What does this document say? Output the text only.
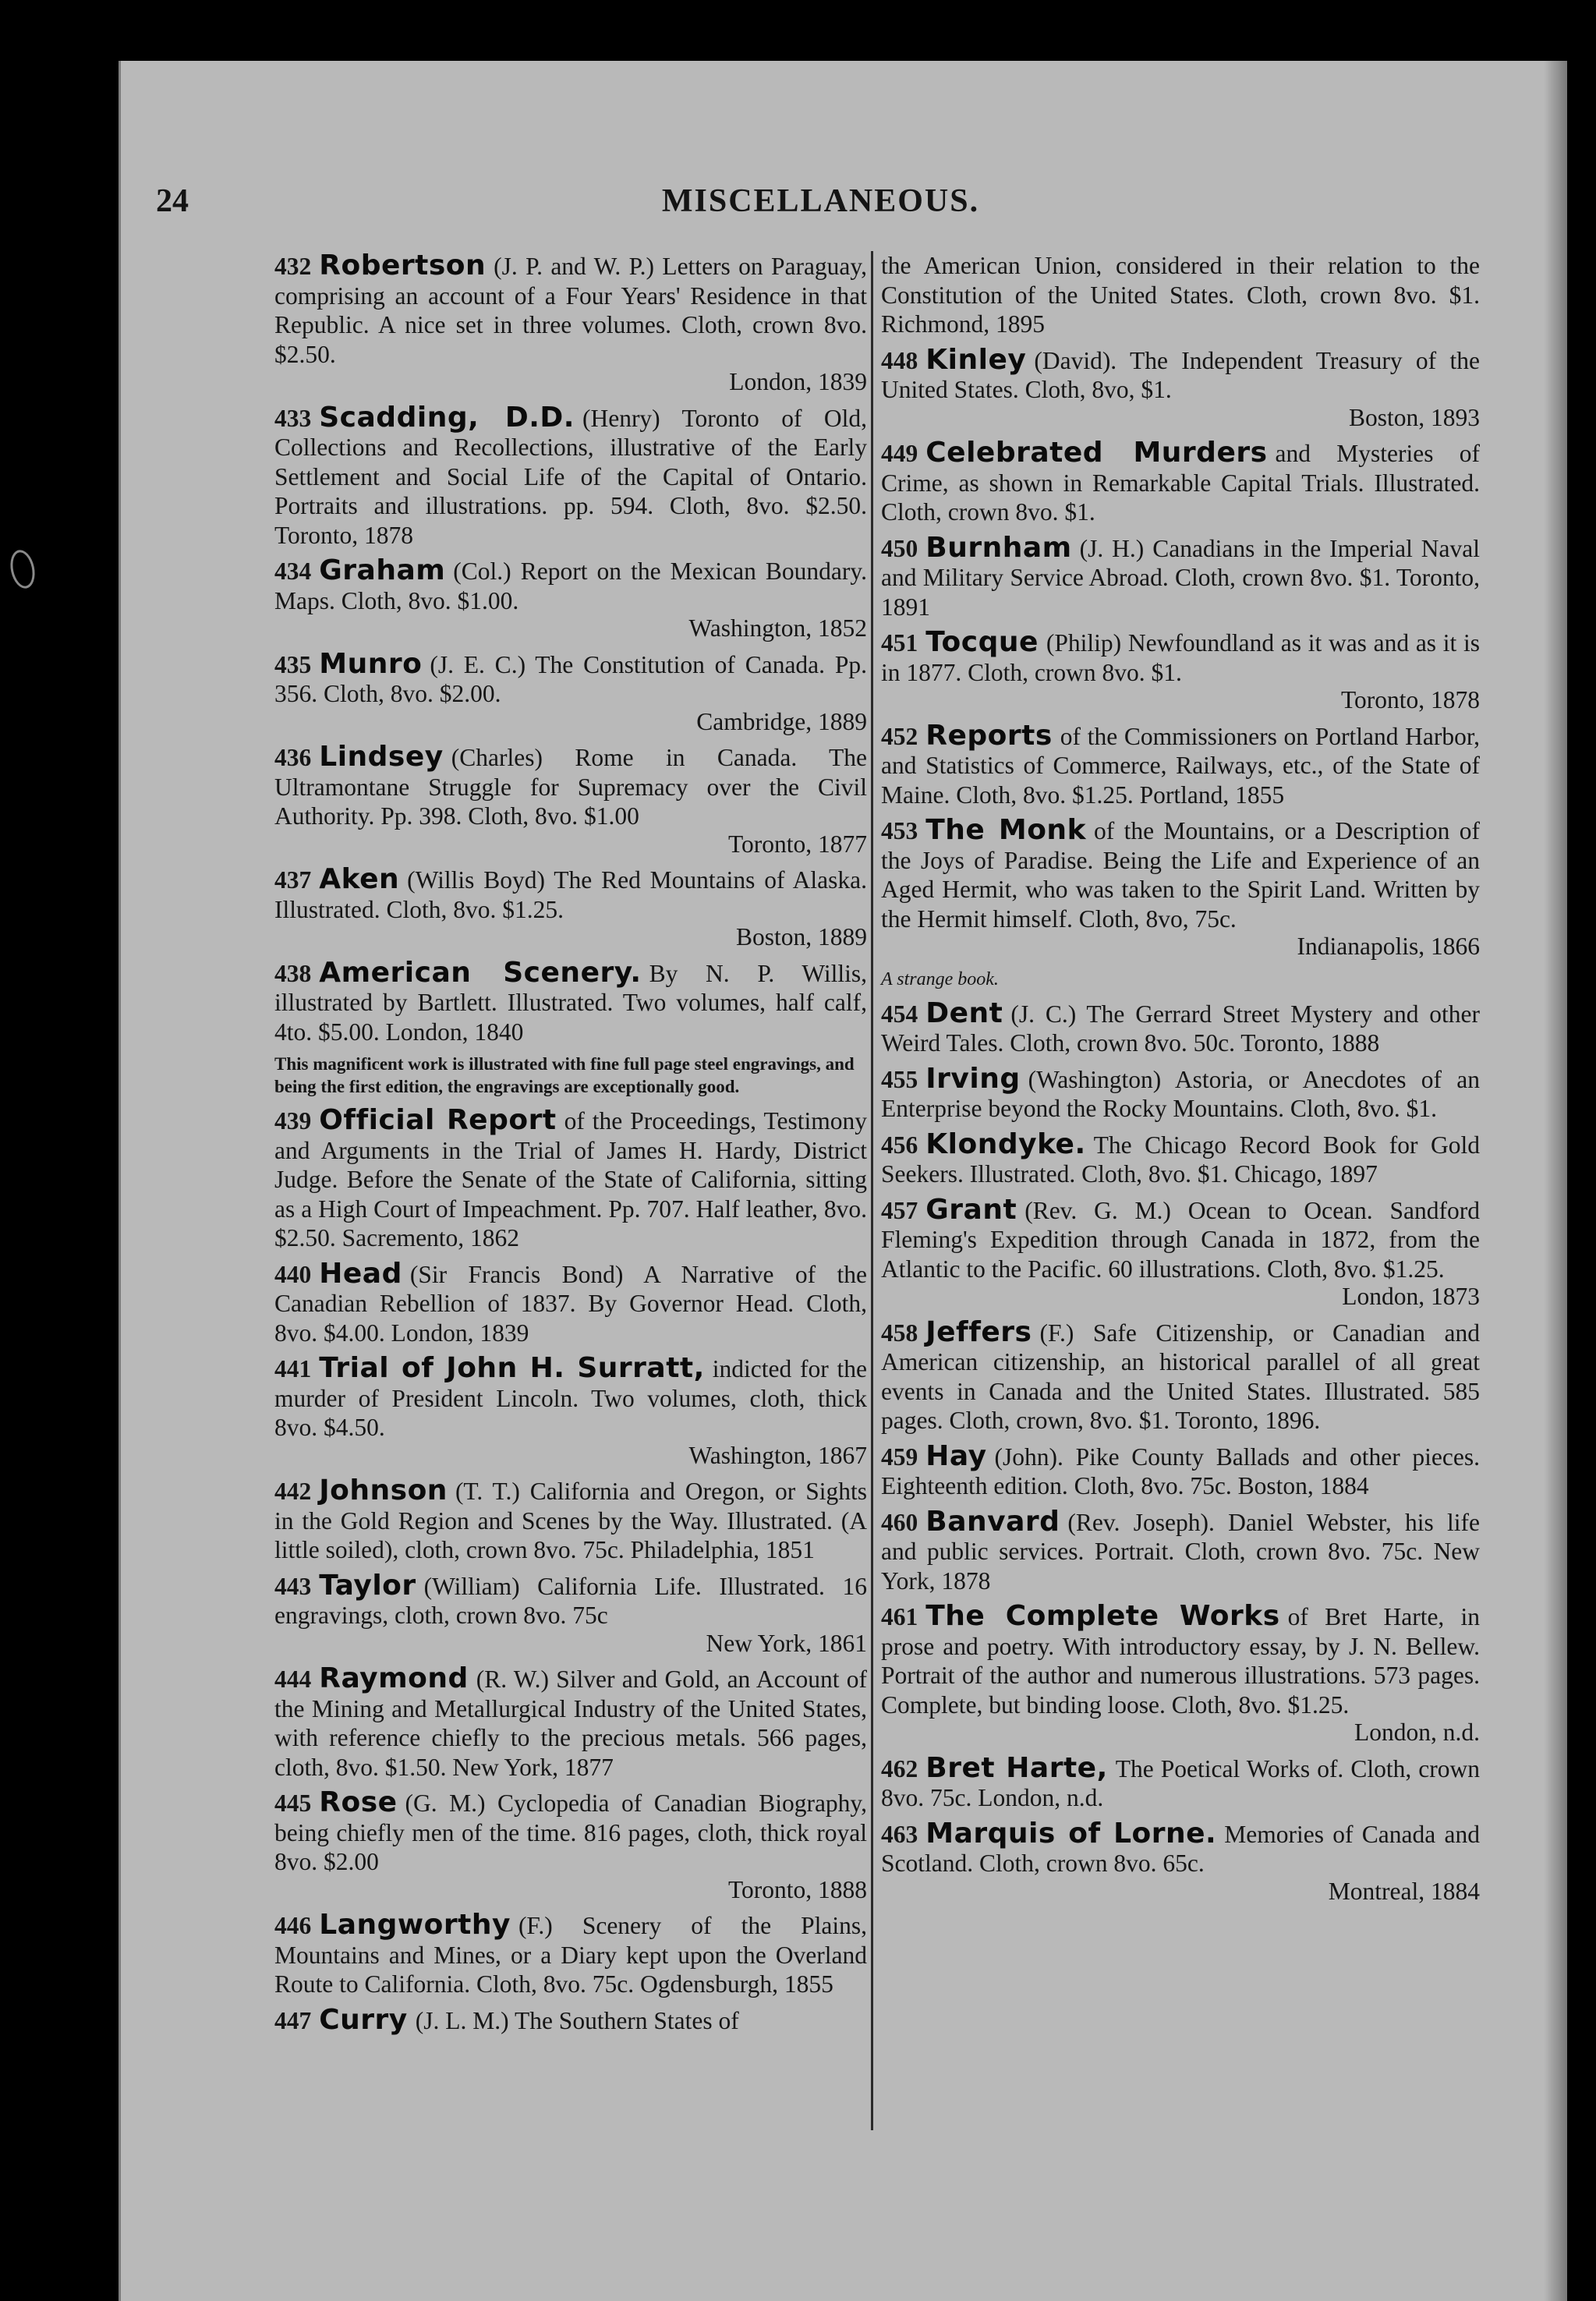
24	MISCELLANEOUS.
432 Robertson (J. P. and W. P.) Letters on Paraguay, comprising an account of a Four Years' Residence in that Republic. A nice set in three volumes. Cloth, crown 8vo. $2.50.
London, 1839
433 Scadding, D.D. (Henry) Toronto of Old, Collections and Recollections, illustrative of the Early Settlement and Social Life of the Capital of Ontario. Portraits and illustrations. pp. 594. Cloth, 8vo. $2.50. Toronto, 1878
434 Graham (Col.) Report on the Mexican Boundary. Maps. Cloth, 8vo. $1.00.
Washington, 1852
435 Munro (J. E. C.) The Constitution of Canada. Pp. 356. Cloth, 8vo. $2.00.
Cambridge, 1889
436 Lindsey (Charles) Rome in Canada. The Ultramontane Struggle for Supremacy over the Civil Authority. Pp. 398. Cloth, 8vo. $1.00
Toronto, 1877
437 Aken (Willis Boyd) The Red Mountains of Alaska. Illustrated. Cloth, 8vo. $1.25.
Boston, 1889
438 American Scenery. By N. P. Willis, illustrated by Bartlett. Illustrated. Two volumes, half calf, 4to. $5.00. London, 1840
This magnificent work is illustrated with fine full page steel engravings, and being the first edition, the engravings are exceptionally good.
439 Official Report of the Proceedings, Testimony and Arguments in the Trial of James H. Hardy, District Judge. Before the Senate of the State of California, sitting as a High Court of Impeachment. Pp. 707. Half leather, 8vo. $2.50. Sacremento, 1862
440 Head (Sir Francis Bond) A Narrative of the Canadian Rebellion of 1837. By Governor Head. Cloth, 8vo. $4.00. London, 1839
441 Trial of John H. Surratt, indicted for the murder of President Lincoln. Two volumes, cloth, thick 8vo. $4.50.
Washington, 1867
442 Johnson (T. T.) California and Oregon, or Sights in the Gold Region and Scenes by the Way. Illustrated. (A little soiled), cloth, crown 8vo. 75c. Philadelphia, 1851
443 Taylor (William) California Life. Illustrated. 16 engravings, cloth, crown 8vo. 75c
New York, 1861
444 Raymond (R. W.) Silver and Gold, an Account of the Mining and Metallurgical Industry of the United States, with reference chiefly to the precious metals. 566 pages, cloth, 8vo. $1.50. New York, 1877
445 Rose (G. M.) Cyclopedia of Canadian Biography, being chiefly men of the time. 816 pages, cloth, thick royal 8vo. $2.00
Toronto, 1888
446 Langworthy (F.) Scenery of the Plains, Mountains and Mines, or a Diary kept upon the Overland Route to California. Cloth, 8vo. 75c. Ogdensburgh, 1855
447 Curry (J. L. M.) The Southern States of
the American Union, considered in their relation to the Constitution of the United States. Cloth, crown 8vo. $1. Richmond, 1895
448 Kinley (David). The Independent Treasury of the United States. Cloth, 8vo, $1.
Boston, 1893
449 Celebrated Murders and Mysteries of Crime, as shown in Remarkable Capital Trials. Illustrated. Cloth, crown 8vo. $1.
450 Burnham (J. H.) Canadians in the Imperial Naval and Military Service Abroad. Cloth, crown 8vo. $1. Toronto, 1891
451 Tocque (Philip) Newfoundland as it was and as it is in 1877. Cloth, crown 8vo. $1.
Toronto, 1878
452 Reports of the Commissioners on Portland Harbor, and Statistics of Commerce, Railways, etc., of the State of Maine. Cloth, 8vo. $1.25. Portland, 1855
453 The Monk of the Mountains, or a Description of the Joys of Paradise. Being the Life and Experience of an Aged Hermit, who was taken to the Spirit Land. Written by the Hermit himself. Cloth, 8vo, 75c.
Indianapolis, 1866
A strange book.
454 Dent (J. C.) The Gerrard Street Mystery and other Weird Tales. Cloth, crown 8vo. 50c. Toronto, 1888
455 Irving (Washington) Astoria, or Anecdotes of an Enterprise beyond the Rocky Mountains. Cloth, 8vo. $1.
456 Klondyke. The Chicago Record Book for Gold Seekers. Illustrated. Cloth, 8vo. $1. Chicago, 1897
457 Grant (Rev. G. M.) Ocean to Ocean. Sandford Fleming's Expedition through Canada in 1872, from the Atlantic to the Pacific. 60 illustrations. Cloth, 8vo. $1.25.
London, 1873
458 Jeffers (F.) Safe Citizenship, or Canadian and American citizenship, an historical parallel of all great events in Canada and the United States. Illustrated. 585 pages. Cloth, crown, 8vo. $1. Toronto, 1896.
459 Hay (John). Pike County Ballads and other pieces. Eighteenth edition. Cloth, 8vo. 75c. Boston, 1884
460 Banvard (Rev. Joseph). Daniel Webster, his life and public services. Portrait. Cloth, crown 8vo. 75c. New York, 1878
461 The Complete Works of Bret Harte, in prose and poetry. With introductory essay, by J. N. Bellew. Portrait of the author and numerous illustrations. 573 pages. Complete, but binding loose. Cloth, 8vo. $1.25.
London, n.d.
462 Bret Harte, The Poetical Works of. Cloth, crown 8vo. 75c. London, n.d.
463 Marquis of Lorne. Memories of Canada and Scotland. Cloth, crown 8vo. 65c.
Montreal, 1884
